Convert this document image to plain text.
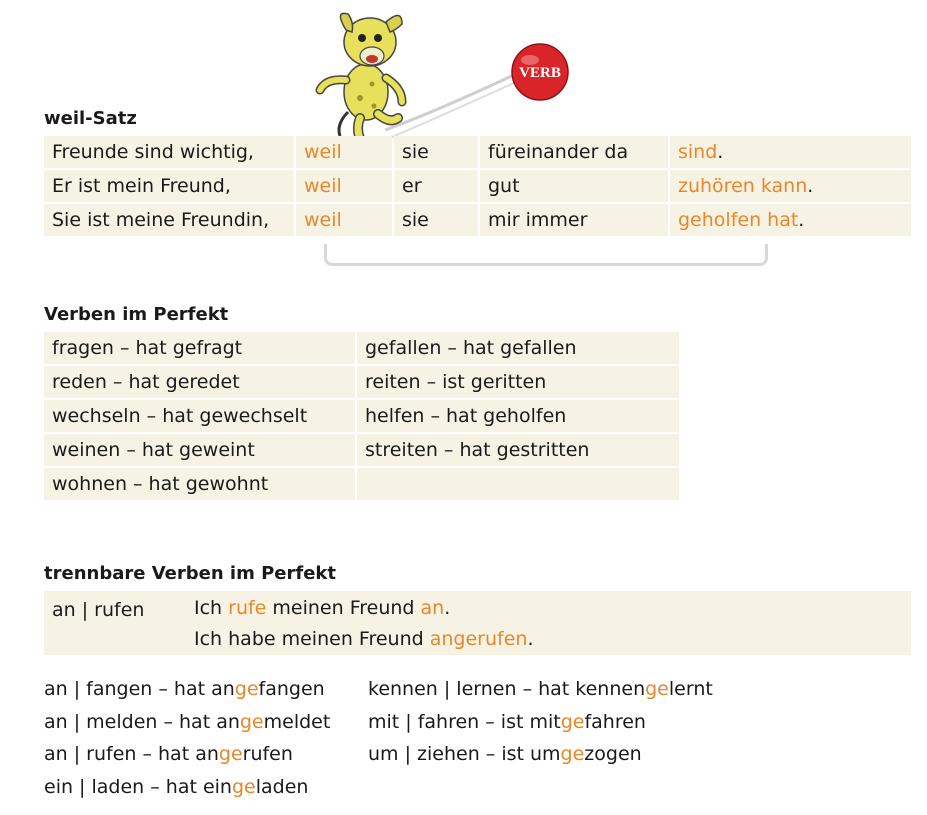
VERB
weil-Satz
Freunde sind wichtig,	weil	sie	füreinander da	sind.
Er ist mein Freund,	weil	er	gut	zuhören kann.
Sie ist meine Freundin,	weil	sie	mir immer	geholfen hat.
Verben im Perfekt
fragen – hat gefragt	gefallen – hat gefallen
reden – hat geredet	reiten – ist geritten
wechseln – hat gewechselt	helfen – hat geholfen
weinen – hat geweint	streiten – hat gestritten
wohnen – hat gewohnt
trennbare Verben im Perfekt
an | rufen	Ich rufe meinen Freund an.
Ich habe meinen Freund angerufen.
an | fangen – hat angefangen
an | melden – hat angemeldet
an | rufen – hat angerufen
ein | laden – hat eingeladen
kennen | lernen – hat kennengelernt
mit | fahren – ist mitgefahren
um | ziehen – ist umgezogen
